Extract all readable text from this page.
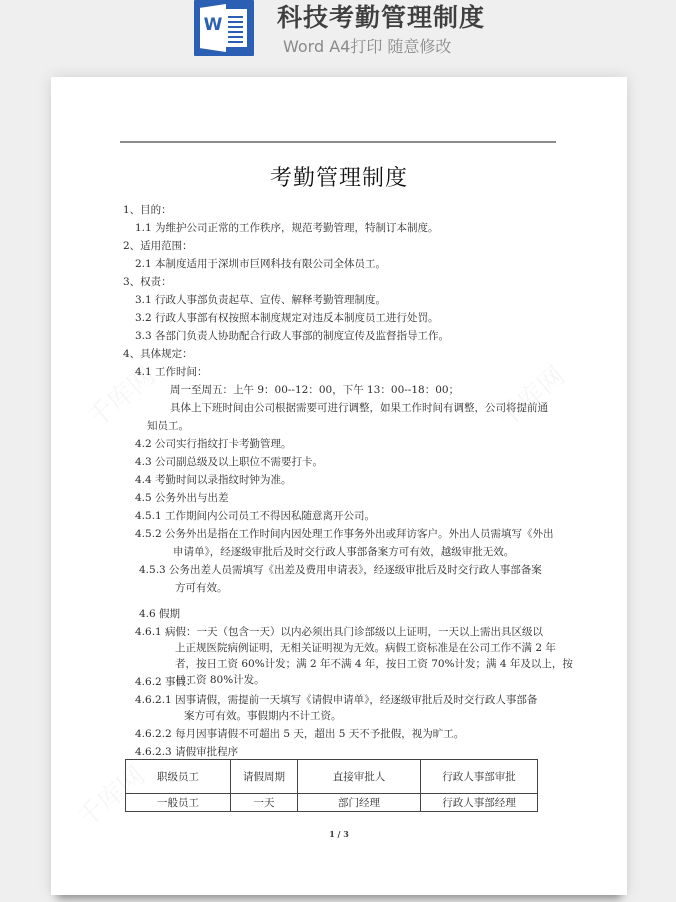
W 科技考勤管理制度
Word A4打印 随意修改
考勤管理制度
1、目的：
1.1 为维护公司正常的工作秩序，规范考勤管理，特制订本制度。
2、适用范围：
2.1 本制度适用于深圳市巨网科技有限公司全体员工。
3、权责：
3.1 行政人事部负责起草、宣传、解释考勤管理制度。
3.2 行政人事部有权按照本制度规定对违反本制度员工进行处罚。
3.3 各部门负责人协助配合行政人事部的制度宣传及监督指导工作。
4、具体规定：
4.1 工作时间：
周一至周五：上午 9：00--12：00，下午 13：00--18：00；
具体上下班时间由公司根据需要可进行调整，如果工作时间有调整，公司将提前通
知员工。
4.2 公司实行指纹打卡考勤管理。
4.3 公司副总级及以上职位不需要打卡。
4.4 考勤时间以录指纹时钟为准。
4.5 公务外出与出差
4.5.1 工作期间内公司员工不得因私随意离开公司。
4.5.2 公务外出是指在工作时间内因处理工作事务外出或拜访客户。外出人员需填写《外出
申请单》，经逐级审批后及时交行政人事部备案方可有效，越级审批无效。
4.5.3 公务出差人员需填写《出差及费用申请表》，经逐级审批后及时交行政人事部备案
方可有效。
4.6 假期
4.6.1 病假：一天（包含一天）以内必须出具门诊部级以上证明，一天以上需出具区级以
上正规医院病例证明，无相关证明视为无效。病假工资标准是在公司工作不满 2 年
者，按日工资 60%计发；满 2 年不满 4 年，按日工资 70%计发；满 4 年及以上，按
日工资 80%计发。
4.6.2 事假：
4.6.2.1 因事请假，需提前一天填写《请假申请单》，经逐级审批后及时交行政人事部备
案方可有效。事假期内不计工资。
4.6.2.2 每月因事请假不可超出 5 天，超出 5 天不予批假，视为旷工。
4.6.2.3 请假审批程序
职级员工	请假周期	直接审批人	行政人事部审批
一般员工	一天	部门经理	行政人事部经理
1 / 3
